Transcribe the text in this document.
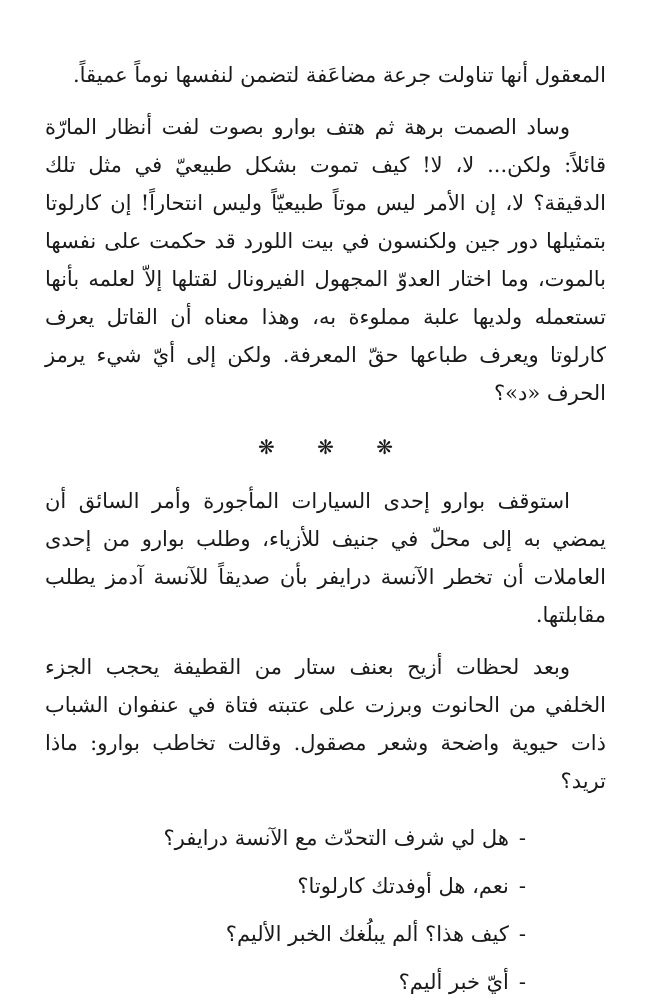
المعقول أنها تناولت جرعة مضاعَفة لتضمن لنفسها نوماً عميقاً.

وساد الصمت برهة ثم هتف بوارو بصوت لفت أنظار المارّة قائلاً: ولكن... لا، لا! كيف تموت بشكل طبيعيّ في مثل تلك الدقيقة؟ لا، إن الأمر ليس موتاً طبيعيّاً وليس انتحاراً! إن كارلوتا بتمثيلها دور جين ولكنسون في بيت اللورد قد حكمت على نفسها بالموت، وما اختار العدوّ المجهول الفيرونال لقتلها إلاّ لعلمه بأنها تستعمله ولديها علبة مملوءة به، وهذا معناه أن القاتل يعرف كارلوتا ويعرف طباعها حقّ المعرفة. ولكن إلى أيّ شيء يرمز الحرف «د»؟

❋ ❋ ❋

استوقف بوارو إحدى السيارات المأجورة وأمر السائق أن يمضي به إلى محلّ في جنيف للأزياء، وطلب بوارو من إحدى العاملات أن تخطر الآنسة درايفر بأن صديقاً للآنسة آدمز يطلب مقابلتها.

وبعد لحظات أزيح بعنف ستار من القطيفة يحجب الجزء الخلفي من الحانوت وبرزت على عتبته فتاة في عنفوان الشباب ذات حيوية واضحة وشعر مصقول. وقالت تخاطب بوارو: ماذا تريد؟

-هل لي شرف التحدّث مع الآنسة درايفر؟
-نعم، هل أوفدتك كارلوتا؟
-كيف هذا؟ ألم يبلُغك الخبر الأليم؟
-أيّ خبر أليم؟
